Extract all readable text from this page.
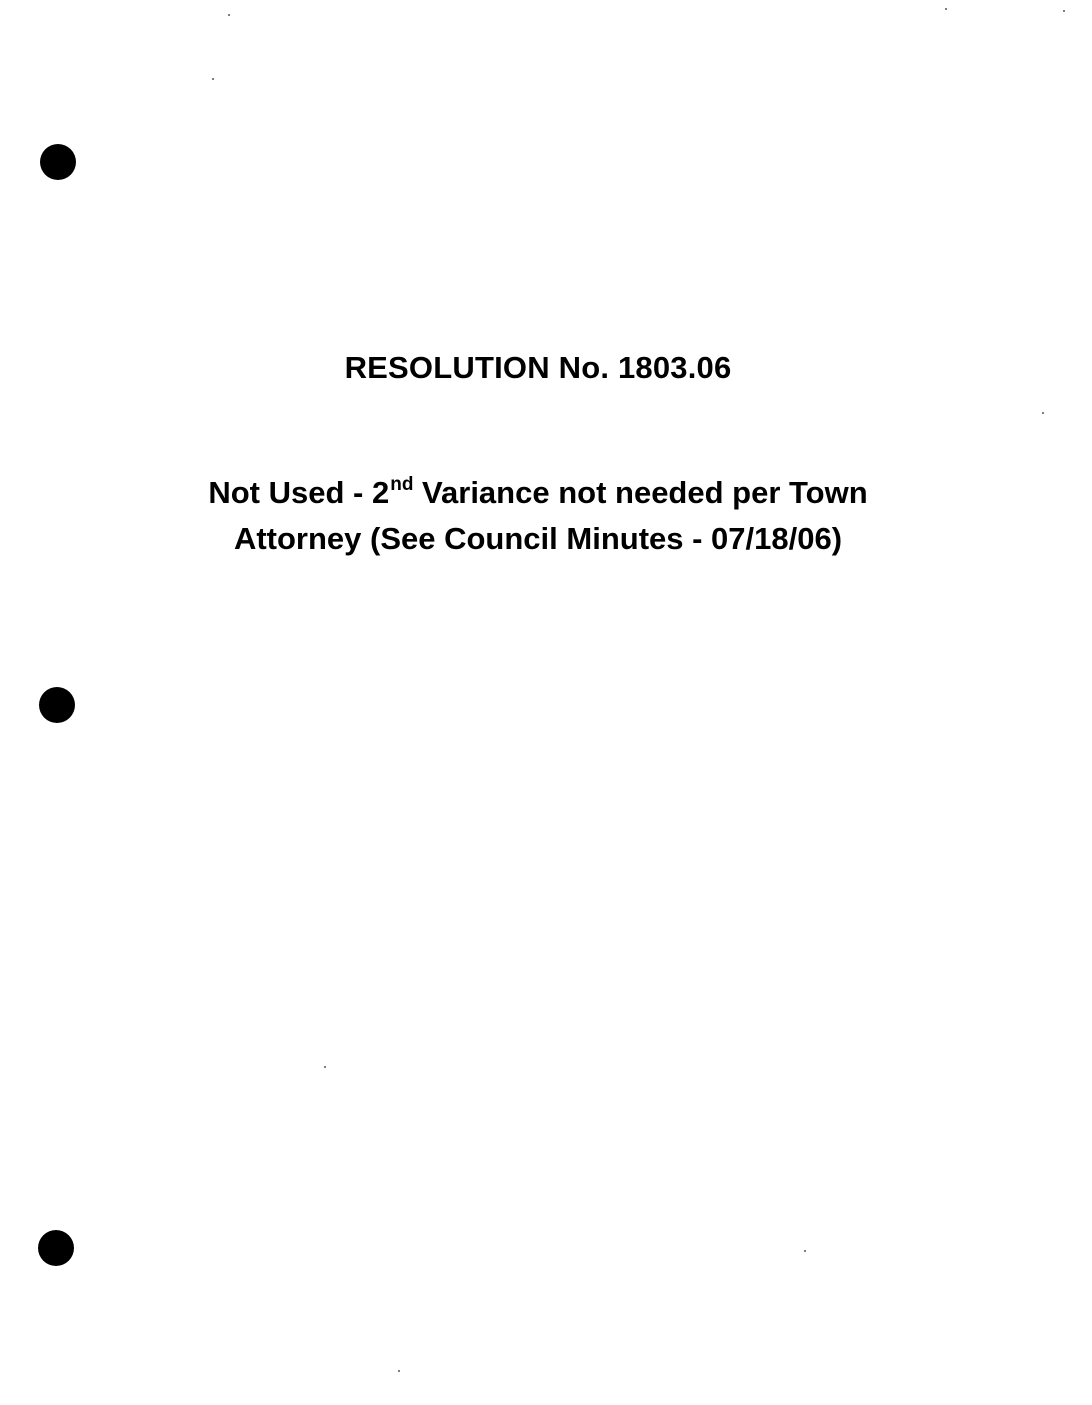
RESOLUTION No. 1803.06

Not Used - 2nd Variance not needed per Town
Attorney (See Council Minutes - 07/18/06)
